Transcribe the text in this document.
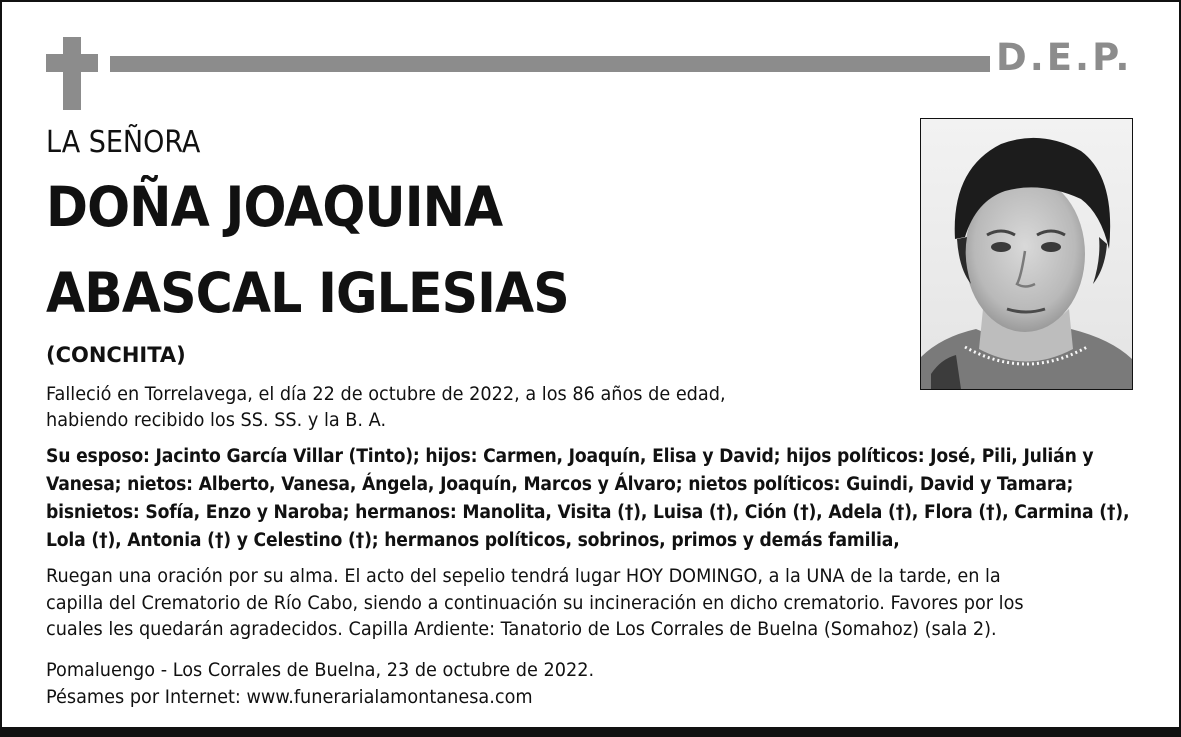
D.E.P.
LA SEÑORA
DOÑA JOAQUINA
ABASCAL IGLESIAS
(CONCHITA)
Falleció en Torrelavega, el día 22 de octubre de 2022, a los 86 años de edad,
habiendo recibido los SS. SS. y la B. A.

Su esposo: Jacinto García Villar (Tinto); hijos: Carmen, Joaquín, Elisa y David; hijos políticos: José, Pili, Julián y

Vanesa; nietos: Alberto, Vanesa, Ángela, Joaquín, Marcos y Álvaro; nietos políticos: Guindi, David y Tamara;

bisnietos: Sofía, Enzo y Naroba; hermanos: Manolita, Visita (†), Luisa (†), Ción (†), Adela (†), Flora (†), Carmina (†),

Lola (†), Antonia (†) y Celestino (†); hermanos políticos, sobrinos, primos y demás familia,

Ruegan una oración por su alma. El acto del sepelio tendrá lugar HOY DOMINGO, a la UNA de la tarde, en la

capilla del Crematorio de Río Cabo, siendo a continuación su incineración en dicho crematorio. Favores por los

cuales les quedarán agradecidos. Capilla Ardiente: Tanatorio de Los Corrales de Buelna (Somahoz) (sala 2).

Pomaluengo - Los Corrales de Buelna, 23 de octubre de 2022.

Pésames por Internet: www.funerarialamontanesa.com
